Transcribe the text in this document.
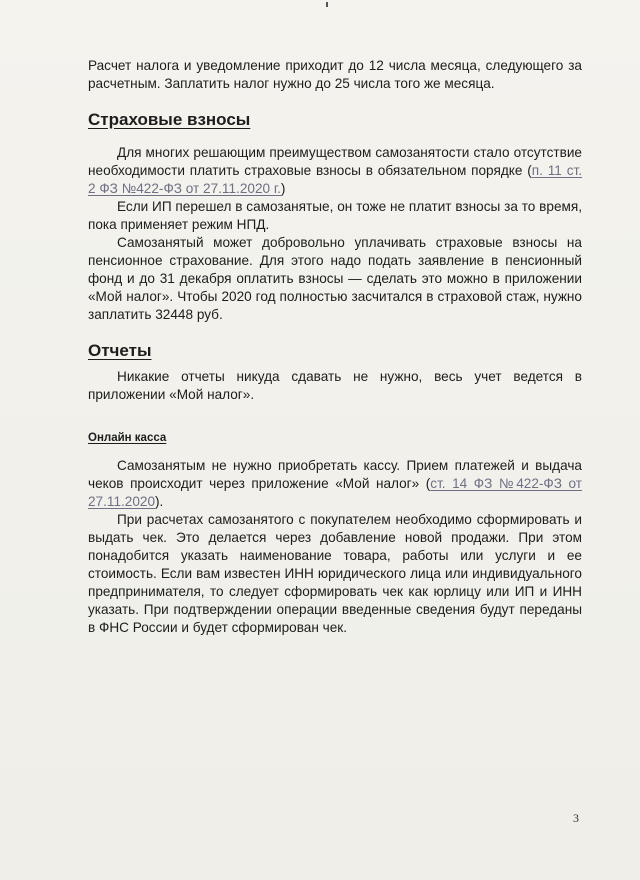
Расчет налога и уведомление приходит до 12 числа месяца, следующего за расчетным. Заплатить налог нужно до 25 числа того же месяца.

Страховые взносы

Для многих решающим преимуществом самозанятости стало отсутствие необходимости платить страховые взносы в обязательном порядке (п. 11 ст. 2 ФЗ №422-ФЗ от 27.11.2020 г.)

Если ИП перешел в самозанятые, он тоже не платит взносы за то время, пока применяет режим НПД.

Самозанятый может добровольно уплачивать страховые взносы на пенсионное страхование. Для этого надо подать заявление в пенсионный фонд и до 31 декабря оплатить взносы — сделать это можно в приложении «Мой налог». Чтобы 2020 год полностью засчитался в страховой стаж, нужно заплатить 32448 руб.

Отчеты

Никакие отчеты никуда сдавать не нужно, весь учет ведется в приложении «Мой налог».

Онлайн касса

Самозанятым не нужно приобретать кассу. Прием платежей и выдача чеков происходит через приложение «Мой налог» (ст. 14 ФЗ №422-ФЗ от 27.11.2020).

При расчетах самозанятого с покупателем необходимо сформировать и выдать чек. Это делается через добавление новой продажи. При этом понадобится указать наименование товара, работы или услуги и ее стоимость. Если вам известен ИНН юридического лица или индивидуального предпринимателя, то следует сформировать чек как юрлицу или ИП и ИНН указать. При подтверждении операции введенные сведения будут переданы в ФНС России и будет сформирован чек.

3
